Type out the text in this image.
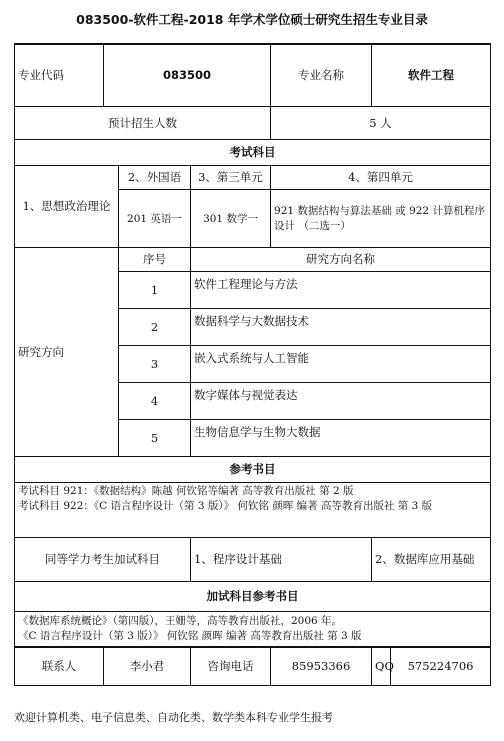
083500-软件工程-2018 年学术学位硕士研究生招生专业目录
专业代码	083500			专业名称	软件工程	
预计招生人数				5 人		
考试科目						
1、思想政治理论		2、外国语	3、第三单元	4、第四单元		
		201 英语一	301 数学一	921 数据结构与算法基础 或 922 计算机程序设计 （二选一）		
研究方向		序号	研究方向名称			
		1	软件工程理论与方法			
		2	数据科学与大数据技术			
		3	嵌入式系统与人工智能			
		4	数字媒体与视觉表达			
		5	生物信息学与生物大数据			
参考书目						

考试科目 921：《数据结构》陈越 何钦铭等编著 高等教育出版社 第 2 版
考试科目 922：《C 语言程序设计（第 3 版）》 何钦铭 颜晖 编著 高等教育出版社 第 3 版						

同等学力考生加试科目			1、程序设计基础		2、数据库应用基础	
加试科目参考书目						

《数据库系统概论》（第四版），王姗等，高等教育出版社，2006 年。
《C 语言程序设计（第 3 版）》 何钦铭 颜晖 编著 高等教育出版社 第 3 版						

联系人	李小君		咨询电话	85953366	QQ	575224706
欢迎计算机类、电子信息类、自动化类、数学类本科专业学生报考
